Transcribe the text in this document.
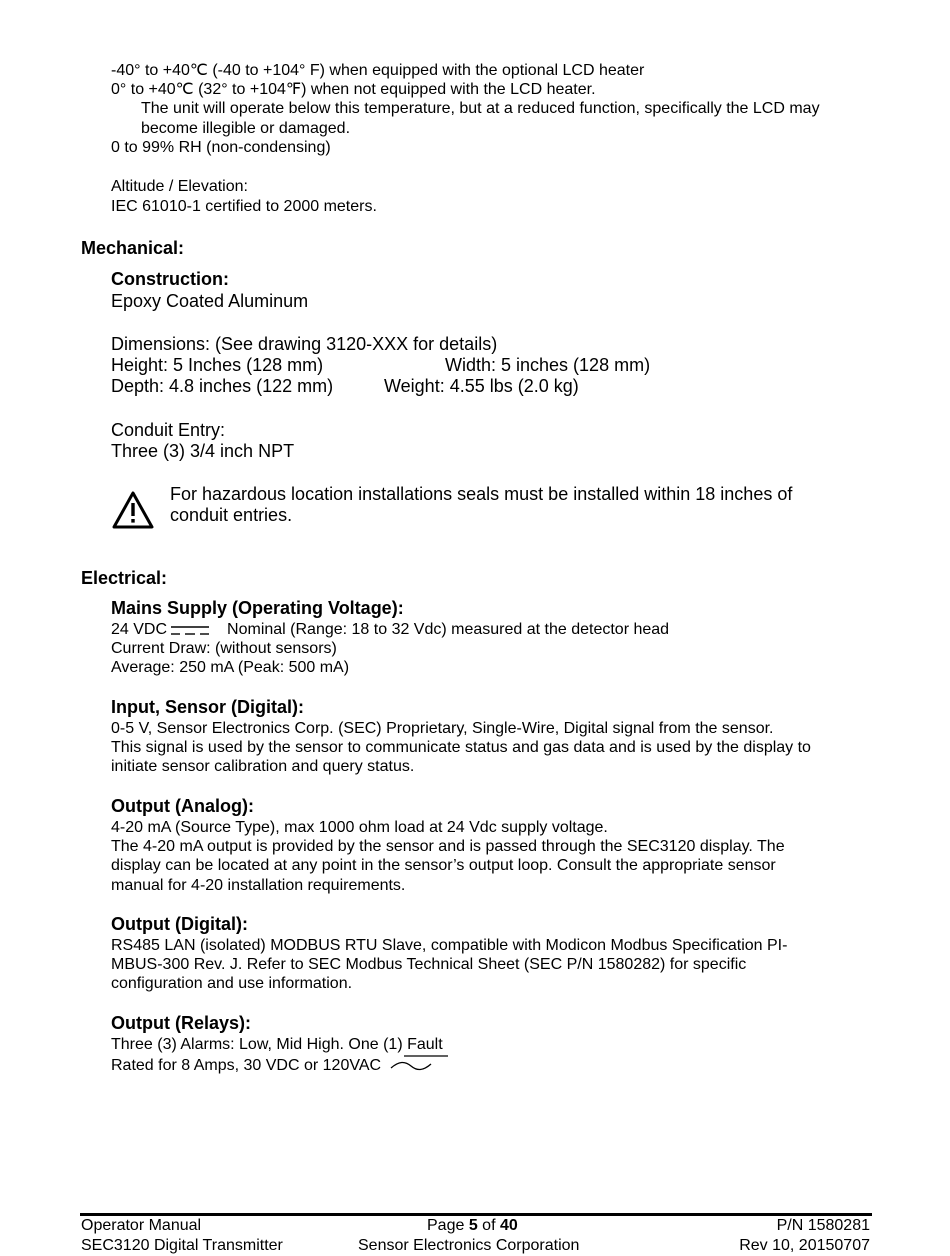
-40° to +40℃ (-40 to +104° F) when equipped with the optional LCD heater
0° to +40℃ (32° to +104℉) when not equipped with the LCD heater.
The unit will operate below this temperature, but at a reduced function, specifically the LCD may
become illegible or damaged.
0 to 99% RH (non-condensing)
Altitude / Elevation:
IEC 61010-1 certified to 2000 meters.
Mechanical:
Construction:
Epoxy Coated Aluminum
Dimensions: (See drawing 3120-XXX for details)
Height: 5 Inches (128 mm)	Width: 5 inches (128 mm)
Depth: 4.8 inches (122 mm)	Weight: 4.55 lbs (2.0 kg)
Conduit Entry:
Three (3) 3/4 inch NPT
For hazardous location installations seals must be installed within 18 inches of
conduit entries.
Electrical:
Mains Supply (Operating Voltage):
24 VDC	Nominal (Range: 18 to 32 Vdc) measured at the detector head
Current Draw: (without sensors)
Average: 250 mA (Peak: 500 mA)
Input, Sensor (Digital):
0-5 V, Sensor Electronics Corp. (SEC) Proprietary, Single-Wire, Digital signal from the sensor.
This signal is used by the sensor to communicate status and gas data and is used by the display to
initiate sensor calibration and query status.
Output (Analog):
4-20 mA (Source Type), max 1000 ohm load at 24 Vdc supply voltage.
The 4-20 mA output is provided by the sensor and is passed through the SEC3120 display. The
display can be located at any point in the sensor’s output loop. Consult the appropriate sensor
manual for 4-20 installation requirements.
Output (Digital):
RS485 LAN (isolated) MODBUS RTU Slave, compatible with Modicon Modbus Specification PI-
MBUS-300 Rev. J. Refer to SEC Modbus Technical Sheet (SEC P/N 1580282) for specific
configuration and use information.
Output (Relays):
Three (3) Alarms: Low, Mid High. One (1) Fault
Rated for 8 Amps, 30 VDC or 120VAC
Operator Manual
SEC3120 Digital Transmitter
Page 5 of 40
Sensor Electronics Corporation
P/N 1580281
Rev 10, 20150707
